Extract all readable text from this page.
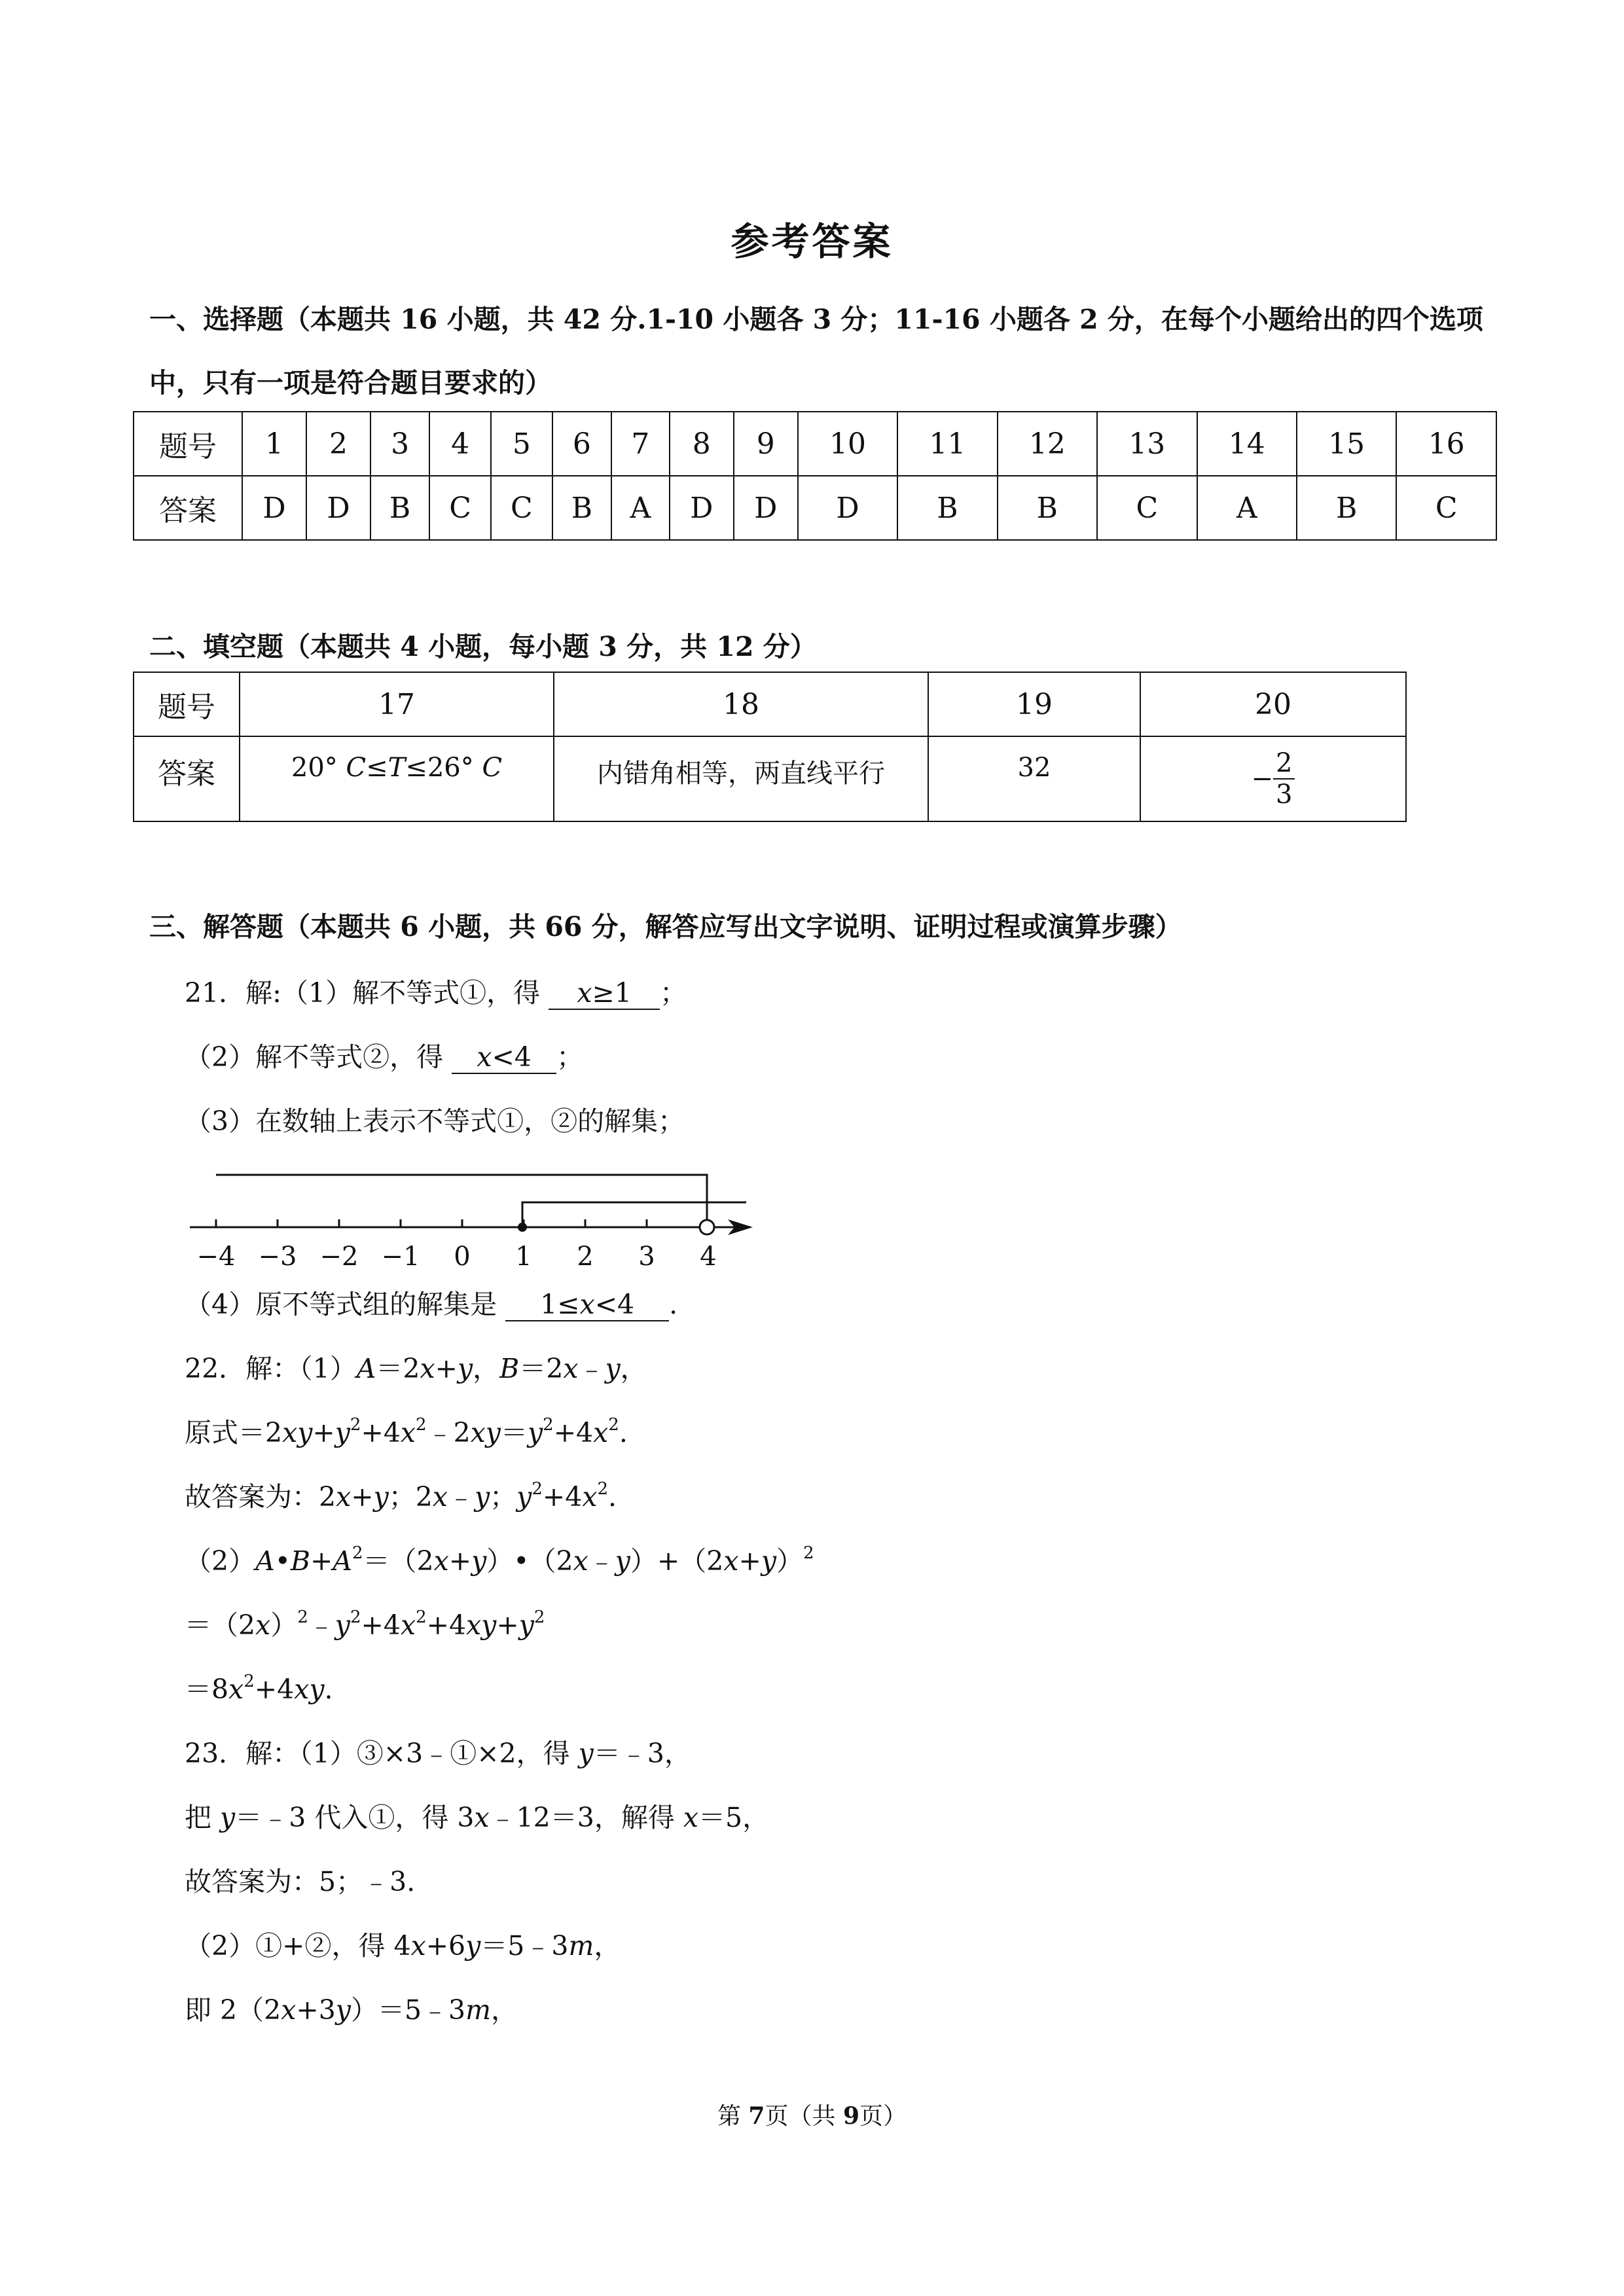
参考答案
一、选择题（本题共 16 小题，共 42 分.1-10 小题各 3 分；11-16 小题各 2 分，在每个小题给出的四个选项
中，只有一项是符合题目要求的）
题号	1	2	3	4	5	6	7	8	9	10	11	12	13	14	15	16
答案	D	D	B	C	C	B	A	D	D	D	B	B	C	A	B	C
二、填空题（本题共 4 小题，每小题 3 分，共 12 分）
题号	17	18	19	20
答案	20° C≤T≤26° C	内错角相等，两直线平行	32	− $\frac{2}{3}$
三、解答题（本题共 6 小题，共 66 分，解答应写出文字说明、证明过程或演算步骤）
21．解:（1）解不等式①，得 x≥1 ；
（2）解不等式②，得 x<4 ；
（3）在数轴上表示不等式①，②的解集；
−4 −3 −2 −1 0 1 2 3 4
（4）原不等式组的解集是 1≤x<4 .
22．解：（1）A＝2x+y，B＝2x﹣y，
原式$=2xy+y^2+4x^2﹣2xy=y^2+4x^2$.
故答案为：2x+y；2x﹣y；$y^2+4x^2$.
$(2)A•B+A^2=(2x+y)•(2x﹣y)+(2x+y)^2$
$=(2x)^2﹣y^2+4x^2+4xy+y^2$
$=8x^2+4xy$.
23．解：（1）③×3﹣①×2，得 y＝﹣3，
把 y＝﹣3 代入①，得 3x﹣12＝3，解得 x＝5，
故答案为：5；﹣3.
（2）①+②，得 4x+6y＝5﹣3m，
即 2（2x+3y）＝5﹣3m，
第 7页（共 9页）
